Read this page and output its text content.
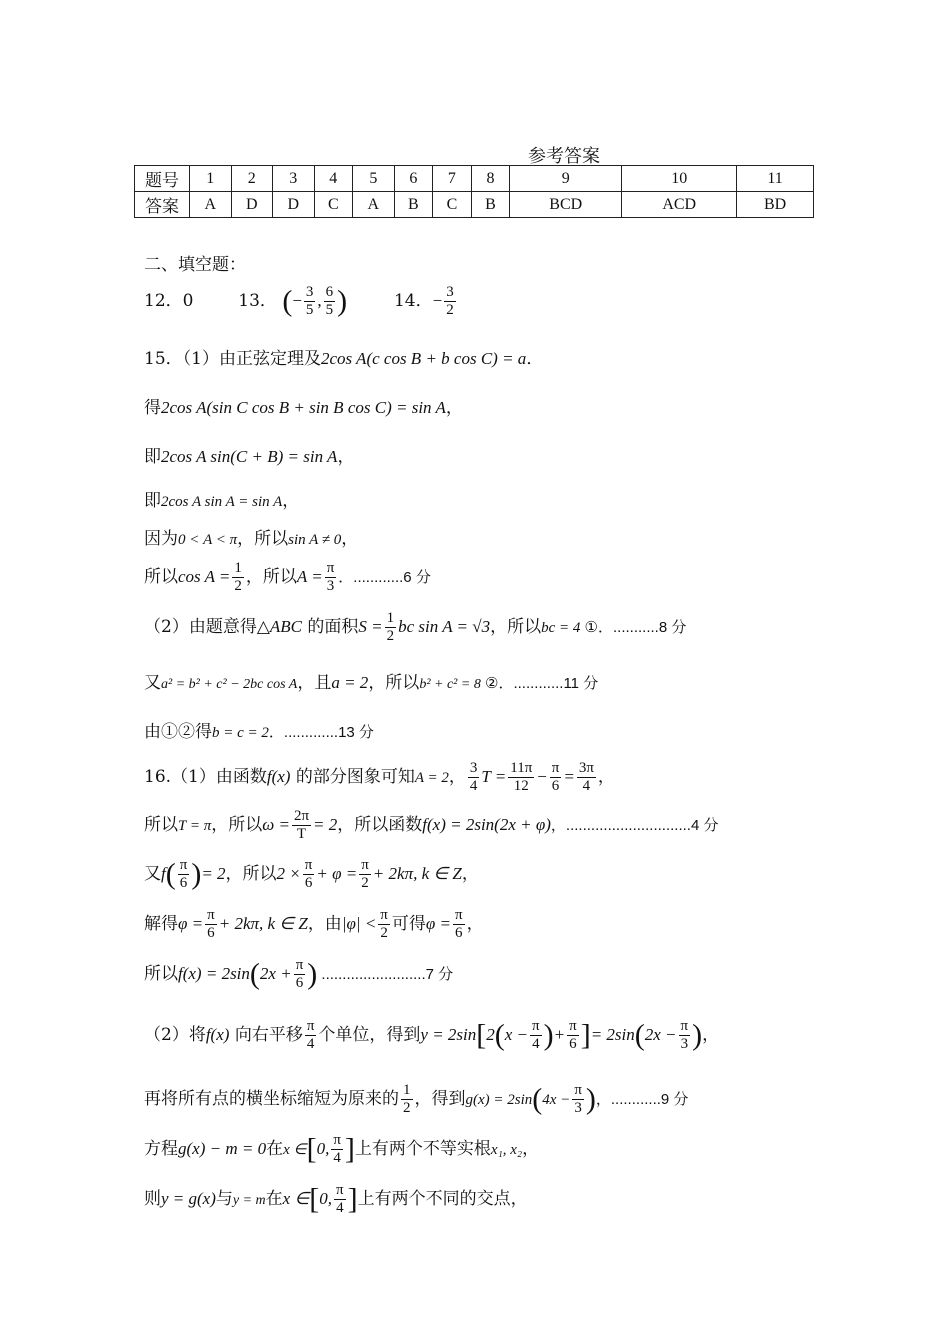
参考答案
题号	1	2	3	4	5	6	7	8	9	10	11
答案	A	D	D	C	A	B	C	B	BCD	ACD	BD
二、填空题：
12．0	13． (− $\frac{3}{5}$ , $\frac{6}{5}$ )	14．− $\frac{3}{2}$
15．（1）由正弦定理及2cos A(c cos B + b cos C) = a．
得2cos A(sin C cos B + sin B cos C) = sin A，
即2cos A sin(C + B) = sin A，
即2cos A sin A = sin A，
因为0 < A < π，所以sin A ≠ 0，
所以$\cos A = \frac{1}{2}$ ，所以$A = \frac{\pi}{3}$ ．............6 分
（2）由题意得△ABC 的面积$S = \frac{1}{2}$ bc sin A = √3，所以bc = 4 ①．...........8 分
又a² = b² + c² − 2bc cos A，且a = 2，所以b² + c² = 8 ②．............11 分
由①②得b = c = 2．.............13 分
16.（1）由函数f(x) 的部分图象可知A = 2， $\frac{3}{4}$ $T = \frac{11\pi}{12} - \frac{\pi}{6} = \frac{3\pi}{4}$ ，
所以T = π，所以$\omega = \frac{2\pi}{T} = 2$，所以函数f(x) = 2sin(2x + φ)，..............................4 分
又$f( \frac{\pi}{6}$ )= 2，所以$2 \times \frac{\pi}{6} + \varphi = \frac{\pi}{2} + 2k\pi$, k ∈ Z，
解得$\varphi = \frac{\pi}{6} + 2k\pi$, k ∈ Z，由$|\varphi| < \frac{\pi}{2}$ 可得$\varphi = \frac{\pi}{6}$ ，
所以$f(x) = 2\sin(2x + \frac{\pi}{6}$ ) .........................7 分
（2）将f(x) 向右平移 $\frac{\pi}{4}$ 个单位，得到$y = 2\sin[2(x - \frac{\pi}{4}$ )+ $\frac{\pi}{6}$ ]= $2\sin(2x - \frac{\pi}{3}$ )，
再将所有点的横坐标缩短为原来的 $\frac{1}{2}$ ，得到$g(x) = 2\sin(4x - \frac{\pi}{3}$ )，............9 分
方程g(x) − m = 0在x ∈[0, $\frac{\pi}{4}$ ]上有两个不等实根x₁, x₂，
则y = g(x)与y = m在x ∈[0, $\frac{\pi}{4}$ ]上有两个不同的交点，
